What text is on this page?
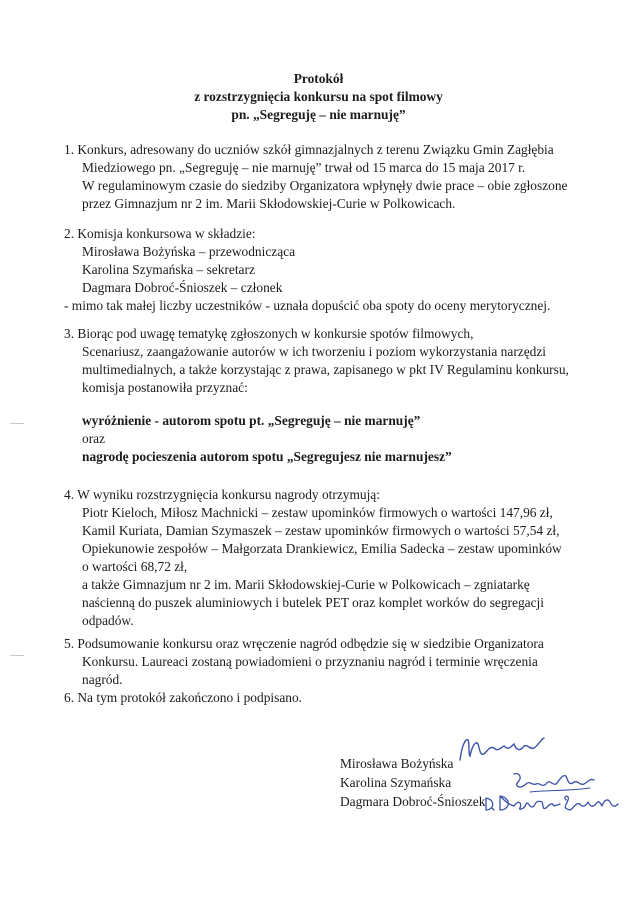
Protokół
z rozstrzygnięcia konkursu na spot filmowy
pn. „Segreguję – nie marnuję”
1. Konkurs, adresowany do uczniów szkół gimnazjalnych z terenu Związku Gmin Zagłębia
Miedziowego pn. „Segreguję – nie marnuję” trwał od 15 marca do 15 maja 2017 r.
W regulaminowym czasie do siedziby Organizatora wpłynęły dwie prace – obie zgłoszone
przez Gimnazjum nr 2 im. Marii Skłodowskiej-Curie w Polkowicach.
2. Komisja konkursowa w składzie:
Mirosława Bożyńska – przewodnicząca
Karolina Szymańska – sekretarz
Dagmara Dobroć-Śnioszek – członek
- mimo tak małej liczby uczestników - uznała dopuścić oba spoty do oceny merytorycznej.
3. Biorąc pod uwagę tematykę zgłoszonych w konkursie spotów filmowych,
Scenariusz, zaangażowanie autorów w ich tworzeniu i poziom wykorzystania narzędzi
multimedialnych, a także korzystając z prawa, zapisanego w pkt IV Regulaminu konkursu,
komisja postanowiła przyznać:
wyróżnienie - autorom spotu pt. „Segreguję – nie marnuję”
oraz
nagrodę pocieszenia autorom spotu „Segregujesz nie marnujesz”
4. W wyniku rozstrzygnięcia konkursu nagrody otrzymują:
Piotr Kieloch, Miłosz Machnicki – zestaw upominków firmowych o wartości 147,96 zł,
Kamil Kuriata, Damian Szymaszek – zestaw upominków firmowych o wartości 57,54 zł,
Opiekunowie zespołów – Małgorzata Drankiewicz, Emilia Sadecka – zestaw upominków
o wartości 68,72 zł,
a także Gimnazjum nr 2 im. Marii Skłodowskiej-Curie w Polkowicach – zgniatarkę
naścienną do puszek aluminiowych i butelek PET oraz komplet worków do segregacji
odpadów.
5. Podsumowanie konkursu oraz wręczenie nagród odbędzie się w siedzibie Organizatora
Konkursu. Laureaci zostaną powiadomieni o przyznaniu nagród i terminie wręczenia
nagród.
6. Na tym protokół zakończono i podpisano.
Mirosława Bożyńska
Karolina Szymańska
Dagmara Dobroć-Śnioszek
